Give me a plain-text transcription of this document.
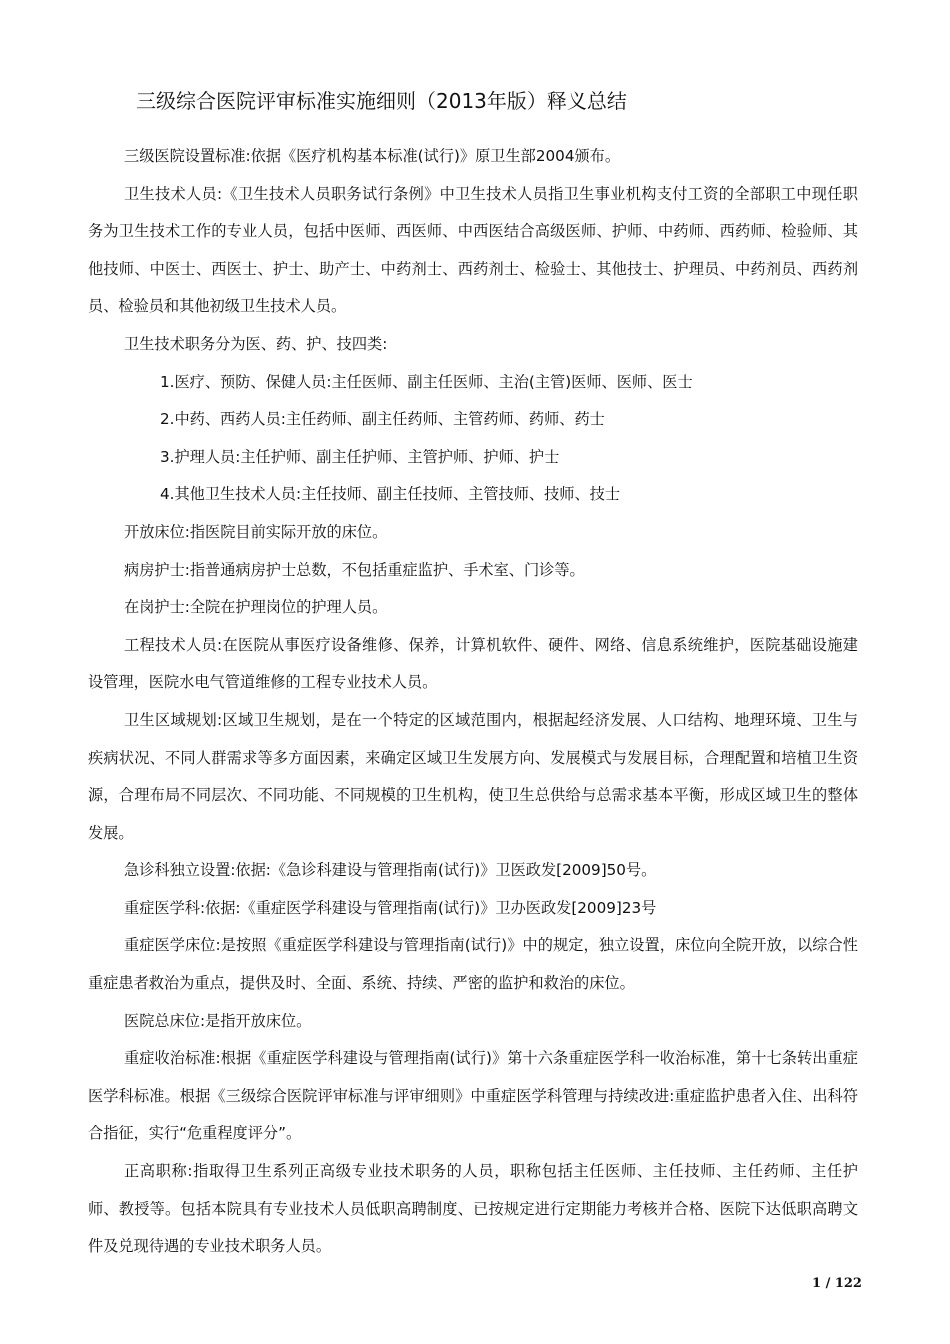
三级综合医院评审标准实施细则（2013年版）释义总结

三级医院设置标准:依据《医疗机构基本标准(试行)》原卫生部2004颁布。

卫生技术人员:《卫生技术人员职务试行条例》中卫生技术人员指卫生事业机构支付工资的全部职工中现任职务为卫生技术工作的专业人员，包括中医师、西医师、中西医结合高级医师、护师、中药师、西药师、检验师、其他技师、中医士、西医士、护士、助产士、中药剂士、西药剂士、检验士、其他技士、护理员、中药剂员、西药剂员、检验员和其他初级卫生技术人员。

卫生技术职务分为医、药、护、技四类:

1.医疗、预防、保健人员:主任医师、副主任医师、主治(主管)医师、医师、医士

2.中药、西药人员:主任药师、副主任药师、主管药师、药师、药士

3.护理人员:主任护师、副主任护师、主管护师、护师、护士

4.其他卫生技术人员:主任技师、副主任技师、主管技师、技师、技士

开放床位:指医院目前实际开放的床位。

病房护士:指普通病房护士总数，不包括重症监护、手术室、门诊等。

在岗护士:全院在护理岗位的护理人员。

工程技术人员:在医院从事医疗设备维修、保养，计算机软件、硬件、网络、信息系统维护，医院基础设施建设管理，医院水电气管道维修的工程专业技术人员。

卫生区域规划:区域卫生规划，是在一个特定的区域范围内，根据起经济发展、人口结构、地理环境、卫生与疾病状况、不同人群需求等多方面因素，来确定区域卫生发展方向、发展模式与发展目标，合理配置和培植卫生资源，合理布局不同层次、不同功能、不同规模的卫生机构，使卫生总供给与总需求基本平衡，形成区域卫生的整体发展。

急诊科独立设置:依据:《急诊科建设与管理指南(试行)》卫医政发[2009]50号。

重症医学科:依据:《重症医学科建设与管理指南(试行)》卫办医政发[2009]23号

重症医学床位:是按照《重症医学科建设与管理指南(试行)》中的规定，独立设置，床位向全院开放，以综合性重症患者救治为重点，提供及时、全面、系统、持续、严密的监护和救治的床位。

医院总床位:是指开放床位。

重症收治标准:根据《重症医学科建设与管理指南(试行)》第十六条重症医学科一收治标准，第十七条转出重症医学科标准。根据《三级综合医院评审标准与评审细则》中重症医学科管理与持续改进:重症监护患者入住、出科符合指征，实行“危重程度评分”。

正高职称:指取得卫生系列正高级专业技术职务的人员，职称包括主任医师、主任技师、主任药师、主任护师、教授等。包括本院具有专业技术人员低职高聘制度、已按规定进行定期能力考核并合格、医院下达低职高聘文件及兑现待遇的专业技术职务人员。

1 / 122
